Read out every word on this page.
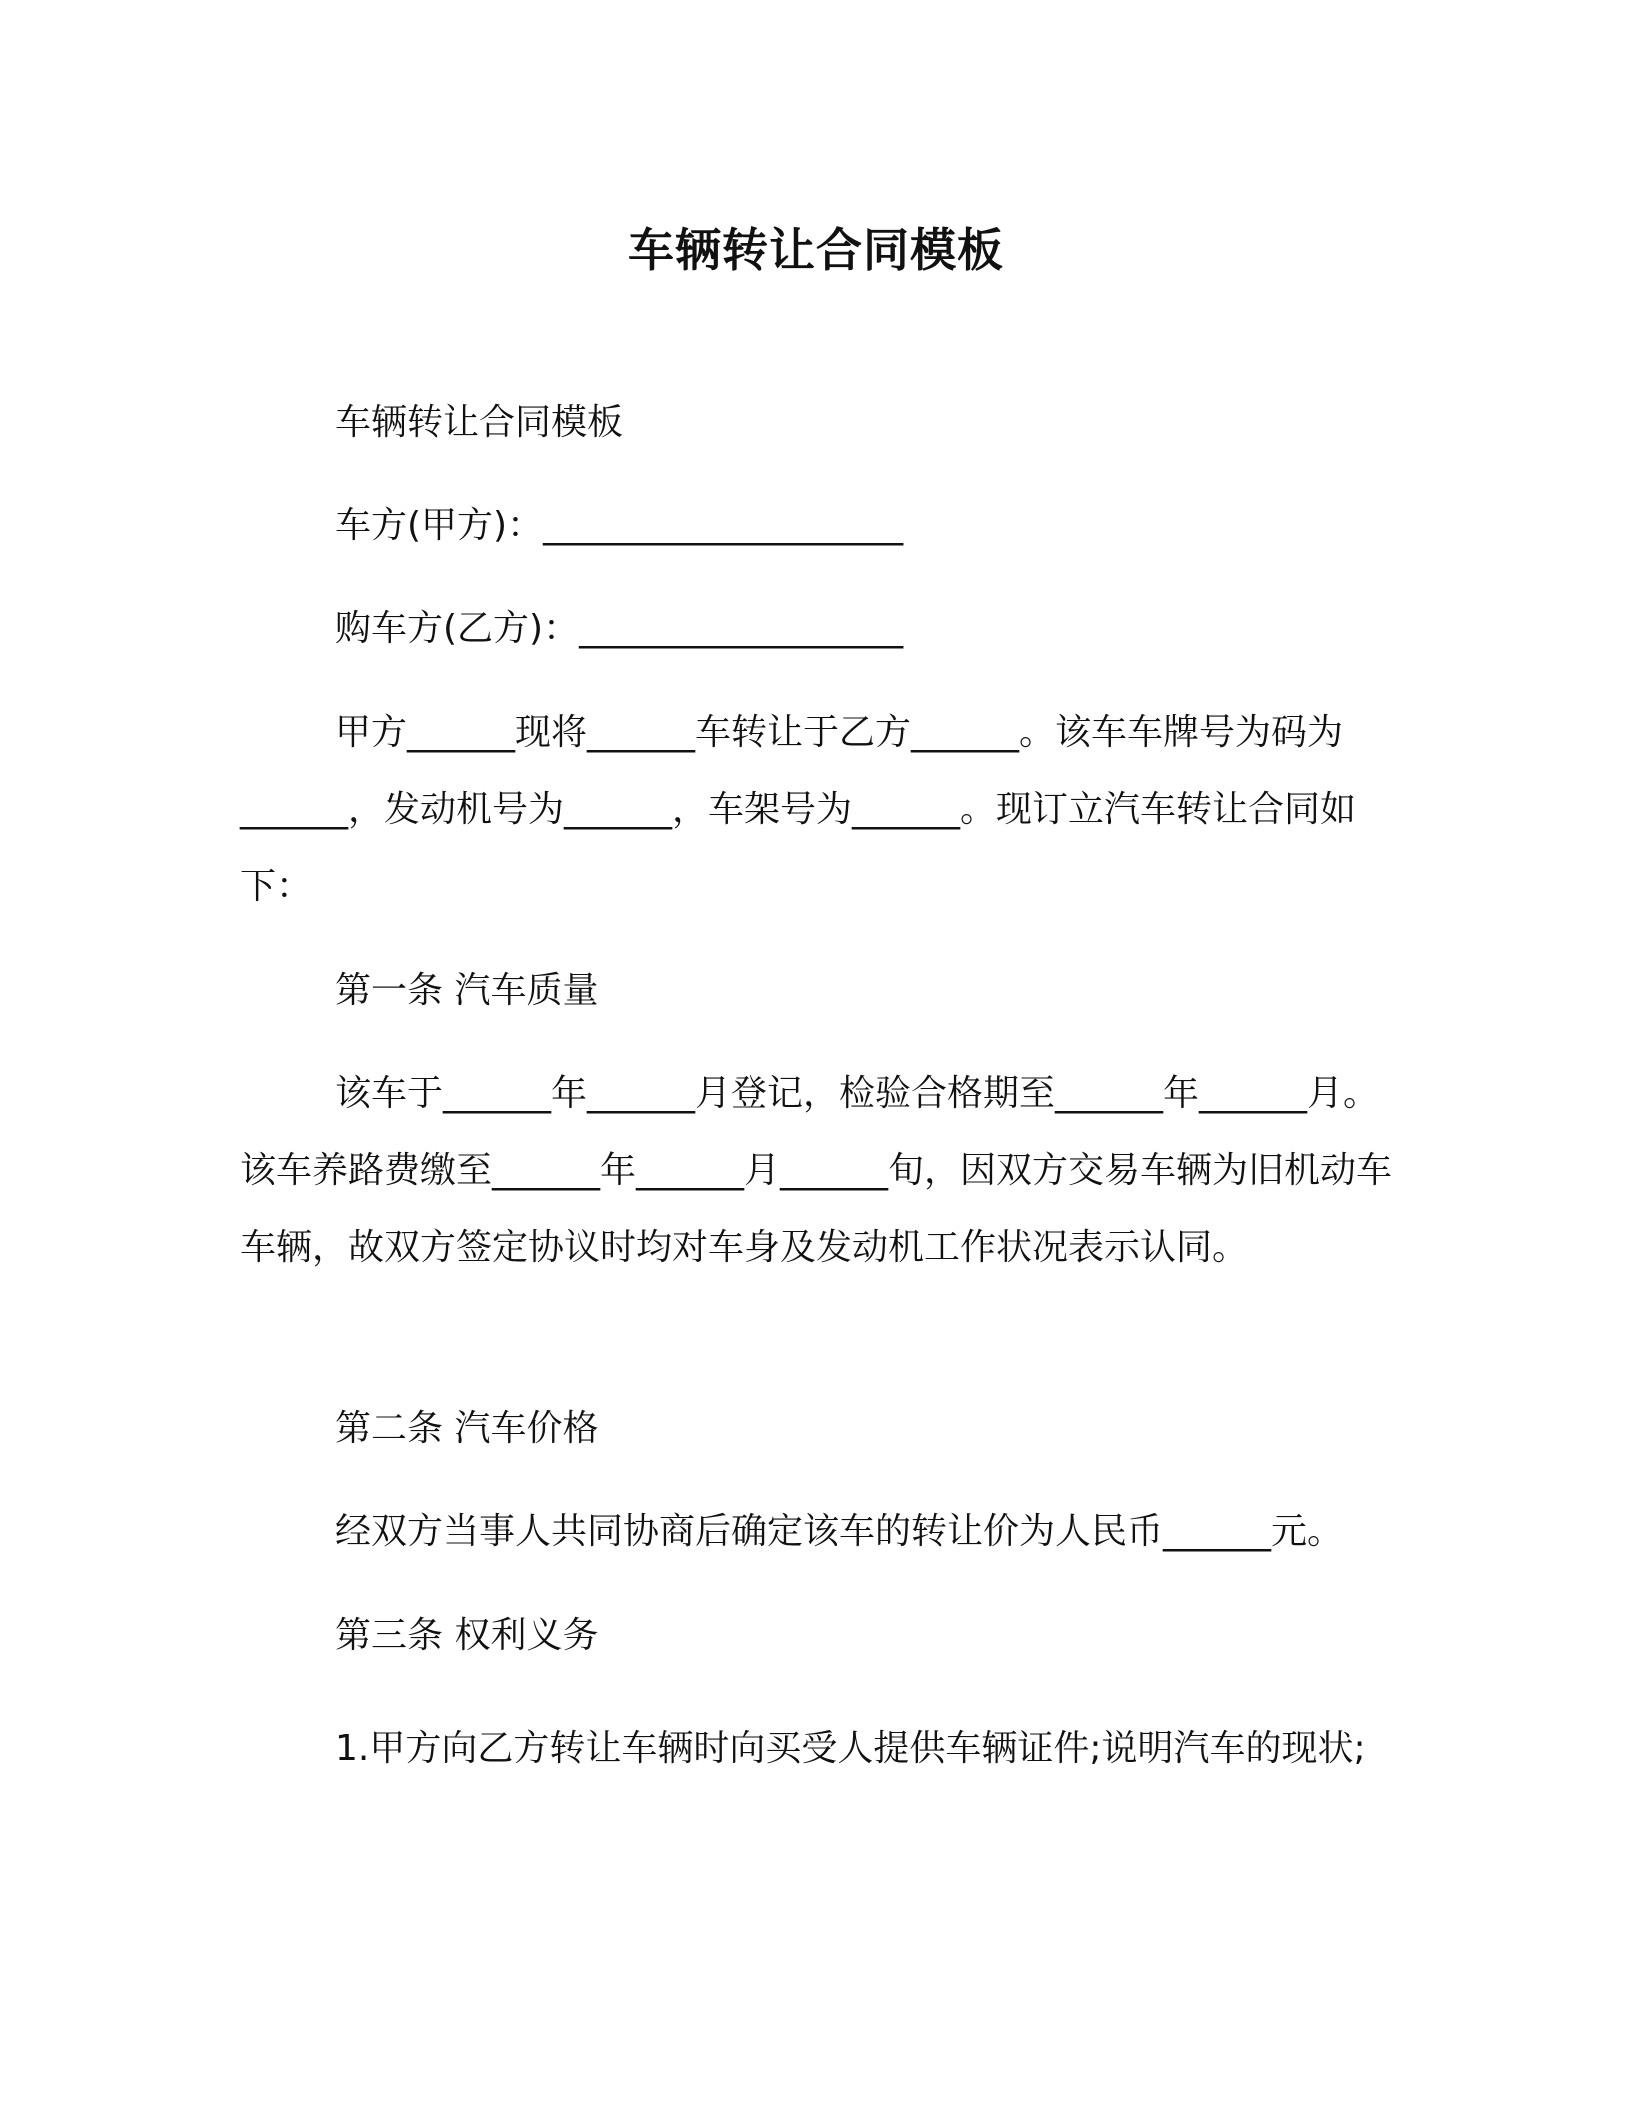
车辆转让合同模板
车辆转让合同模板
车方(甲方)：____________________
购车方(乙方)：__________________
甲方______现将______车转让于乙方______。该车车牌号为码为______，发动机号为______，车架号为______。现订立汽车转让合同如下：
第一条 汽车质量
该车于______年______月登记，检验合格期至______年______月。该车养路费缴至______年______月______旬，因双方交易车辆为旧机动车车辆，故双方签定协议时均对车身及发动机工作状况表示认同。
第二条 汽车价格
经双方当事人共同协商后确定该车的转让价为人民币______元。
第三条 权利义务
1.甲方向乙方转让车辆时向买受人提供车辆证件;说明汽车的现状;
